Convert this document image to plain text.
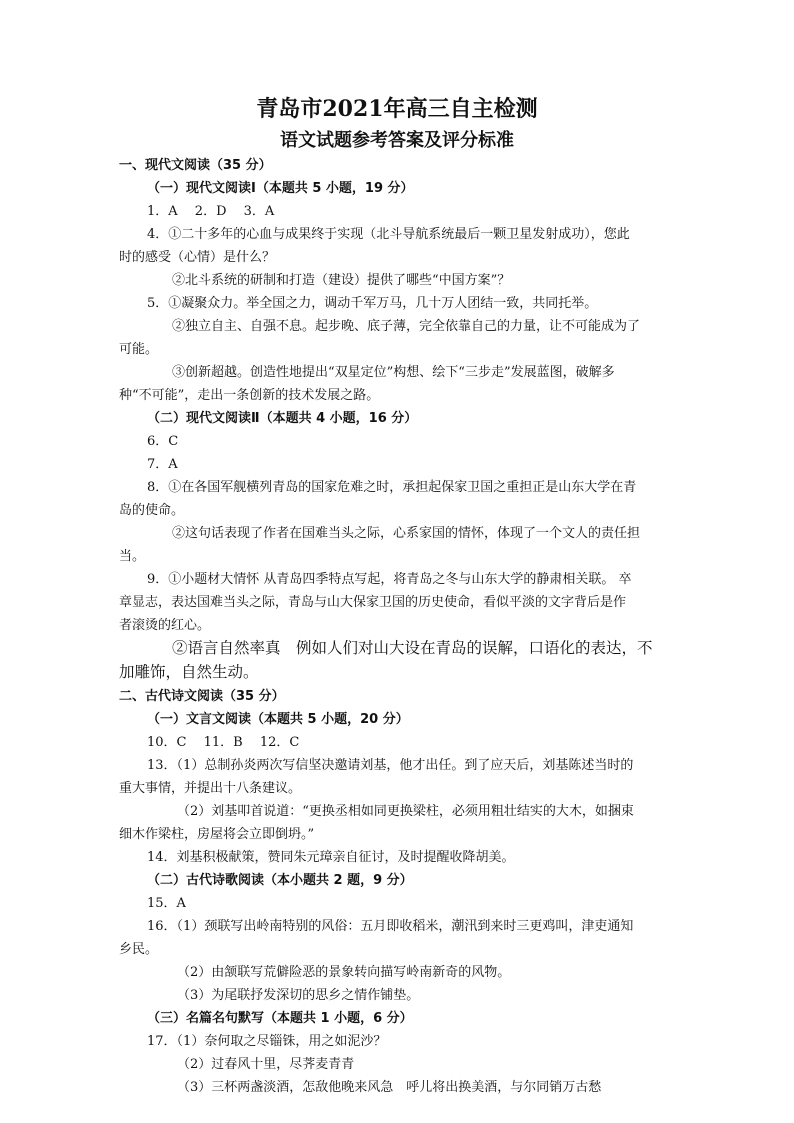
青岛市2021年高三自主检测
语文试题参考答案及评分标准
一、现代文阅读（35 分）
（一）现代文阅读Ⅰ（本题共 5 小题，19 分）
1．A　 2．D　 3．A
4．①二十多年的心血与成果终于实现（北斗导航系统最后一颗卫星发射成功），您此
时的感受（心情）是什么？
②北斗系统的研制和打造（建设）提供了哪些“中国方案”？
5．①凝聚众力。举全国之力，调动千军万马，几十万人团结一致，共同托举。
②独立自主、自强不息。起步晚、底子薄，完全依靠自己的力量，让不可能成为了
可能。
③创新超越。创造性地提出“双星定位”构想、绘下“三步走”发展蓝图，破解多
种“不可能”，走出一条创新的技术发展之路。
（二）现代文阅读Ⅱ（本题共 4 小题，16 分）
6．C
7．A
8．①在各国军舰横列青岛的国家危难之时，承担起保家卫国之重担正是山东大学在青
岛的使命。
②这句话表现了作者在国难当头之际，心系家国的情怀，体现了一个文人的责任担
当。
9．①小题材大情怀 从青岛四季特点写起，将青岛之冬与山东大学的静肃相关联。 卒
章显志，表达国难当头之际，青岛与山大保家卫国的历史使命，看似平淡的文字背后是作
者滚烫的红心。
②语言自然率真　例如人们对山大设在青岛的误解，口语化的表达，不
加雕饰，自然生动。
二、古代诗文阅读（35 分）
（一）文言文阅读（本题共 5 小题，20 分）
10．C　 11．B　 12．C
13．（1）总制孙炎两次写信坚决邀请刘基，他才出任。到了应天后，刘基陈述当时的
重大事情，并提出十八条建议。
（2）刘基叩首说道：“更换丞相如同更换梁柱，必须用粗壮结实的大木，如捆束
细木作梁柱，房屋将会立即倒坍。”
14．刘基积极献策，赞同朱元璋亲自征讨，及时提醒收降胡美。
（二）古代诗歌阅读（本小题共 2 题，9 分）
15．A
16．（1）颈联写出岭南特别的风俗：五月即收稻米，潮汛到来时三更鸡叫，津吏通知
乡民。
（2）由颔联写荒僻险恶的景象转向描写岭南新奇的风物。
（3）为尾联抒发深切的思乡之情作铺垫。
（三）名篇名句默写（本题共 1 小题，6 分）
17．（1）奈何取之尽锱铢，用之如泥沙？
（2）过春风十里，尽荠麦青青
（3）三杯两盏淡酒，怎敌他晚来风急　呼儿将出换美酒，与尔同销万古愁
